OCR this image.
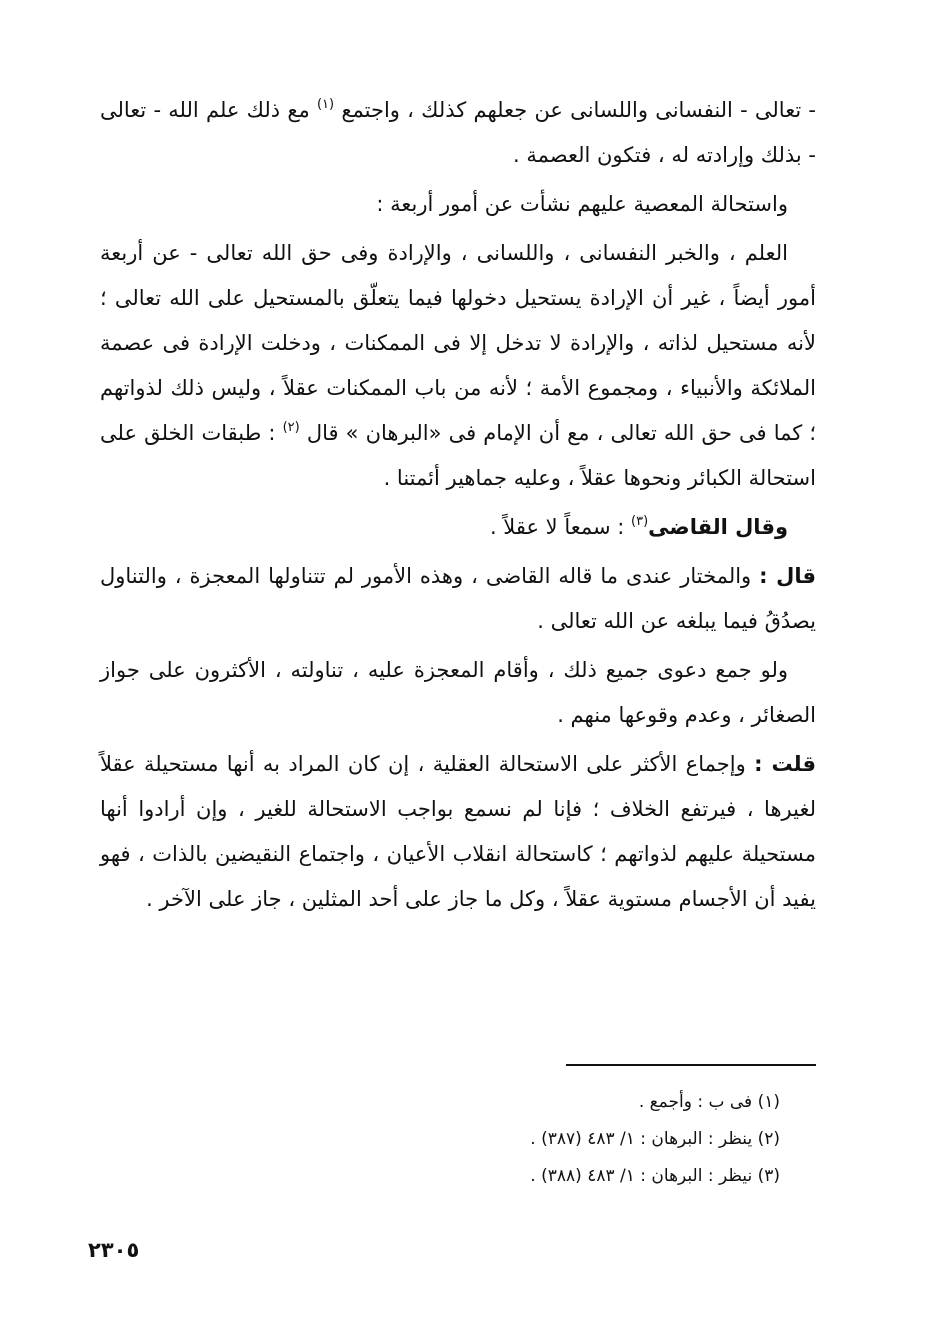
- تعالى - النفسانى واللسانى عن جعلهم كذلك ، واجتمع $^{(١)}$ مع ذلك علم الله - تعالى - بذلك وإرادته له ، فتكون العصمة .

واستحالة المعصية عليهم نشأت عن أمور أربعة :

العلم ، والخبر النفسانى ، واللسانى ، والإرادة وفى حق الله تعالى - عن أربعة أمور أيضاً ، غير أن الإرادة يستحيل دخولها فيما يتعلّق بالمستحيل على الله تعالى ؛ لأنه مستحيل لذاته ، والإرادة لا تدخل إلا فى الممكنات ، ودخلت الإرادة فى عصمة الملائكة والأنبياء ، ومجموع الأمة ؛ لأنه من باب الممكنات عقلاً ، وليس ذلك لذواتهم ؛ كما فى حق الله تعالى ، مع أن الإمام فى «البرهان » قال $^{(٢)}$ : طبقات الخلق على استحالة الكبائر ونحوها عقلاً ، وعليه جماهير أئمتنا .

وقال القاضى$^{(٣)}$ : سمعاً لا عقلاً .

قال : والمختار عندى ما قاله القاضى ، وهذه الأمور لم تتناولها المعجزة ، والتناول يصدُقُ فيما يبلغه عن الله تعالى .

ولو جمع دعوى جميع ذلك ، وأقام المعجزة عليه ، تناولته ، الأكثرون على جواز الصغائر ، وعدم وقوعها منهم .

قلت : وإجماع الأكثر على الاستحالة العقلية ، إن كان المراد به أنها مستحيلة عقلاً لغيرها ، فيرتفع الخلاف ؛ فإنا لم نسمع بواجب الاستحالة للغير ، وإن أرادوا أنها مستحيلة عليهم لذواتهم ؛ كاستحالة انقلاب الأعيان ، واجتماع النقيضين بالذات ، فهو يفيد أن الأجسام مستوية عقلاً ، وكل ما جاز على أحد المثلين ، جاز على الآخر .

(١) فى ب : وأجمع .
(٢) ينظر : البرهان : ١/ ٤٨٣ (٣٨٧) .
(٣) نيظر : البرهان : ١/ ٤٨٣ (٣٨٨) .
٢٣٠٥
